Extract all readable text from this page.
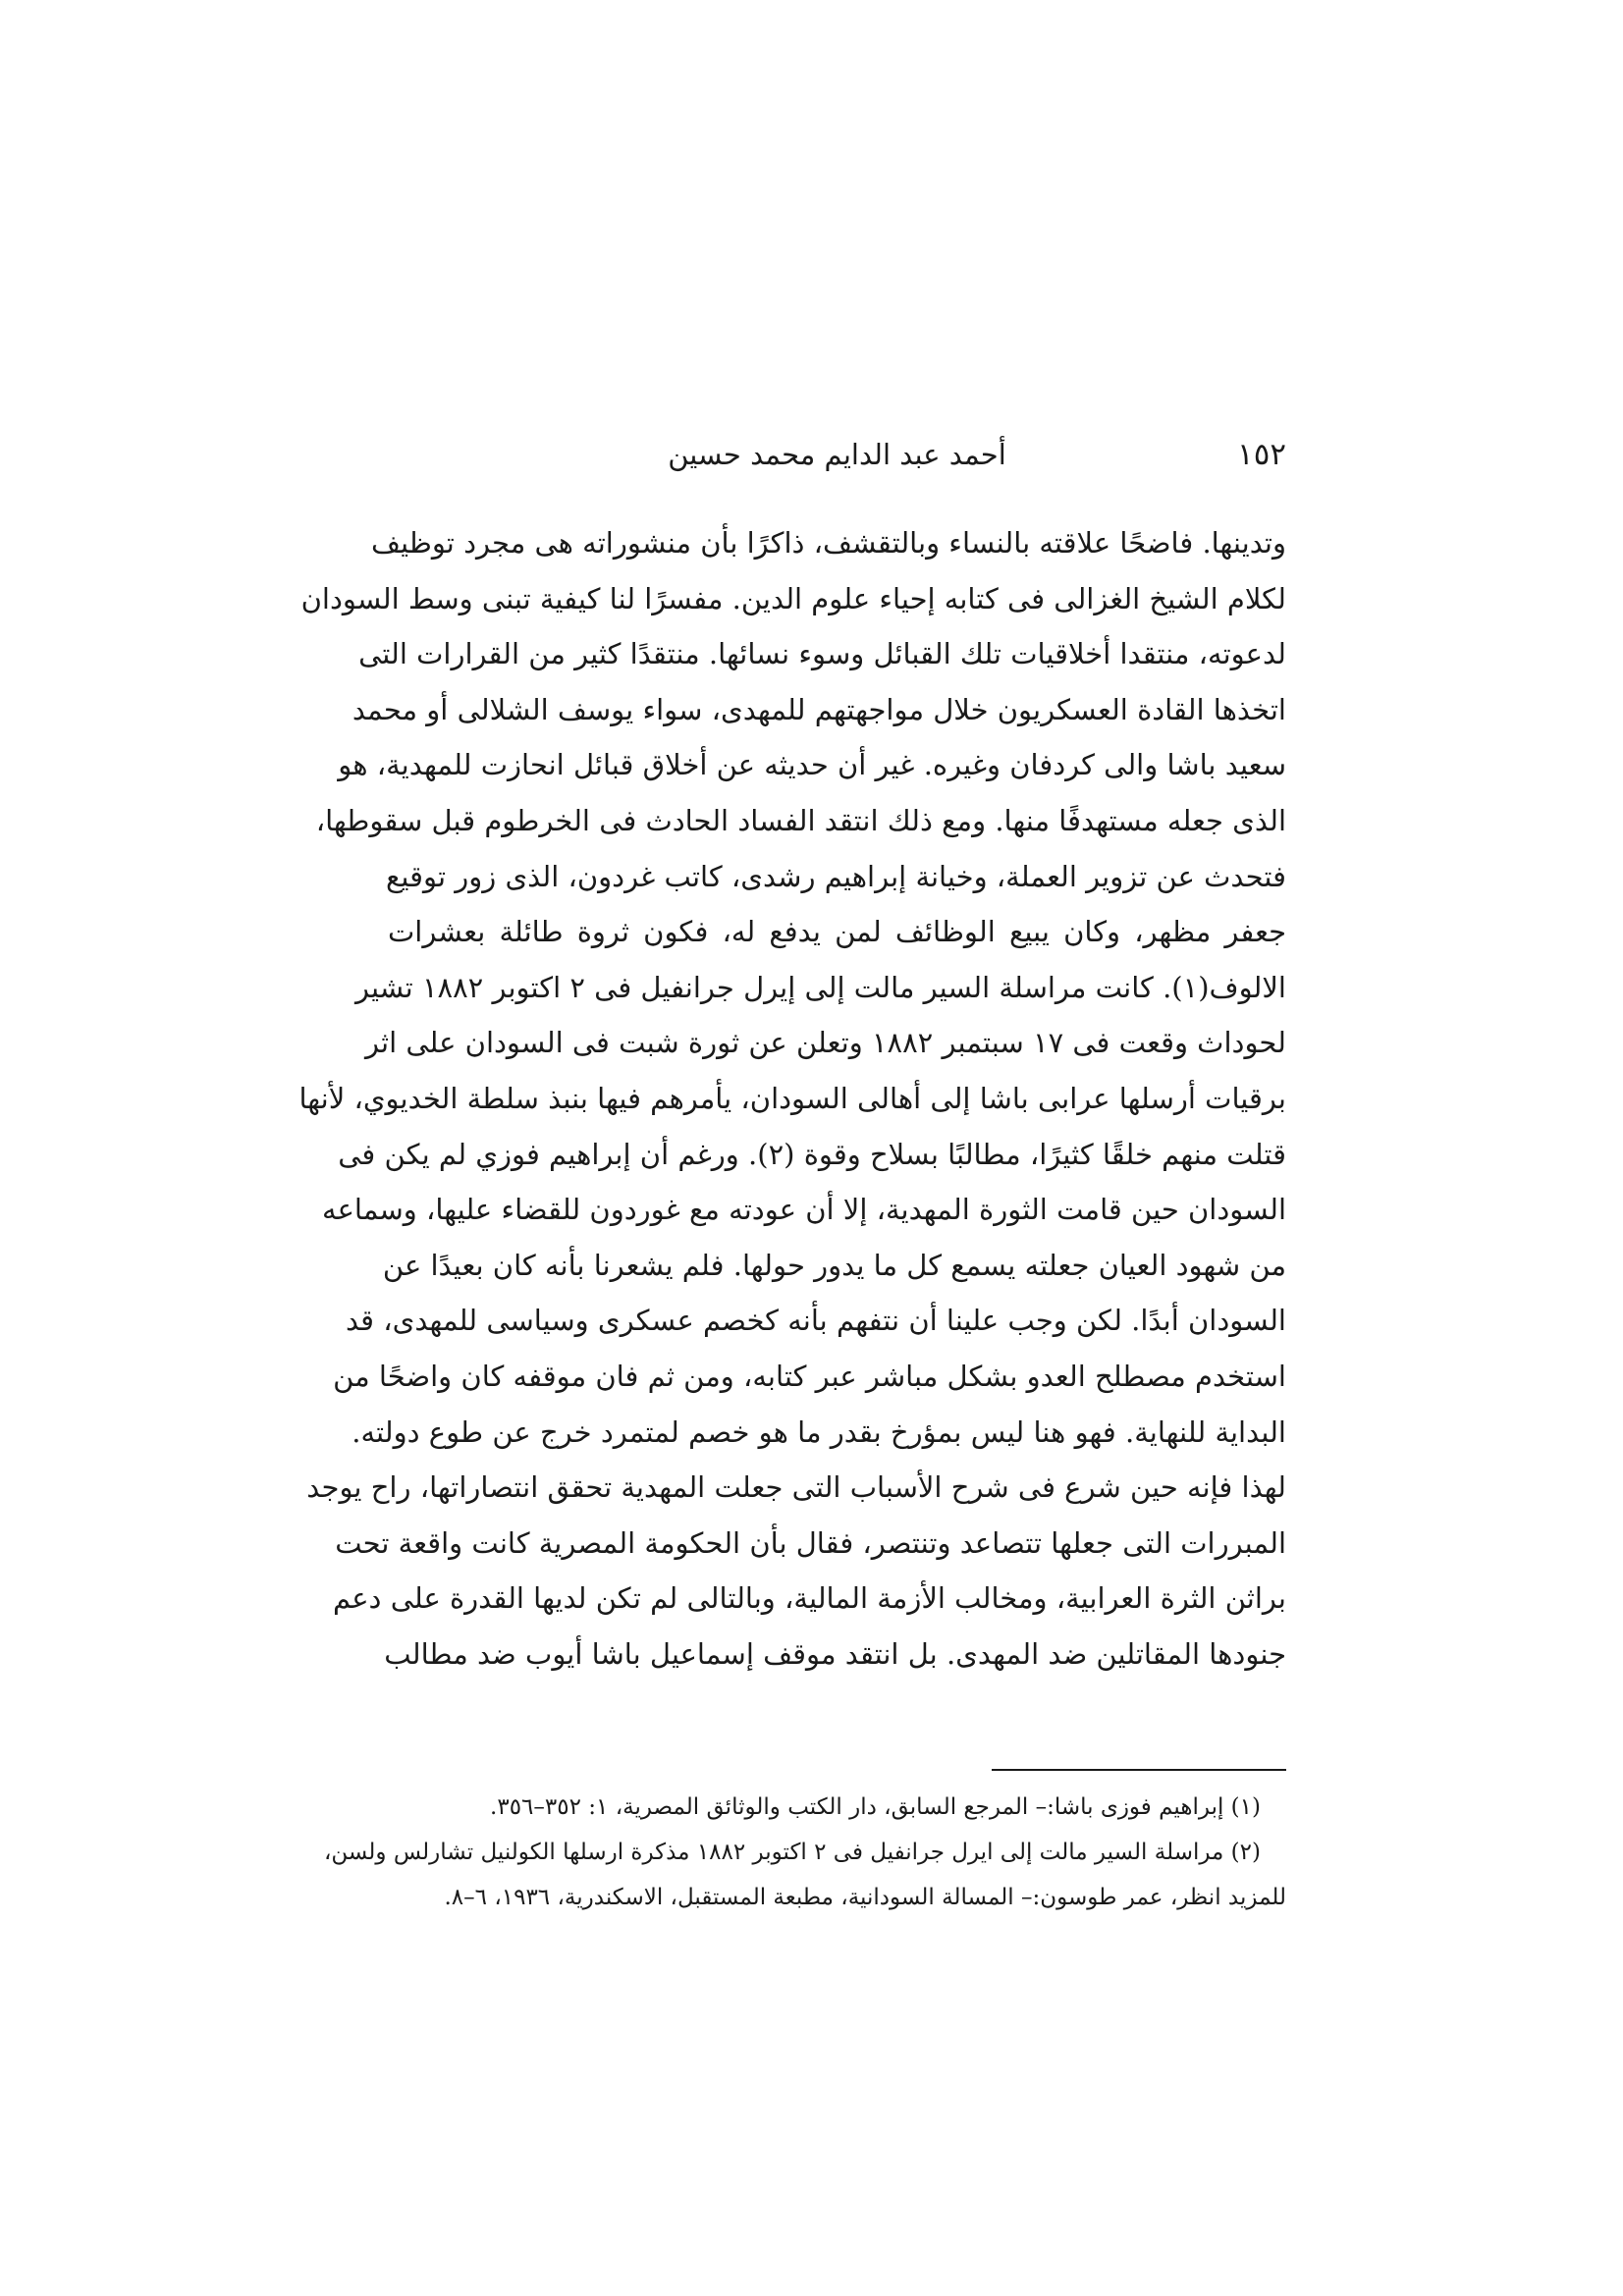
١٥٢
أحمد عبد الدايم محمد حسين
وتدينها. فاضحًا علاقته بالنساء وبالتقشف، ذاكرًا بأن منشوراته هى مجرد توظيف
لكلام الشيخ الغزالى فى كتابه إحياء علوم الدين. مفسرًا لنا كيفية تبنى وسط السودان
لدعوته، منتقدا أخلاقيات تلك القبائل وسوء نسائها. منتقدًا كثير من القرارات التى
اتخذها القادة العسكريون خلال مواجهتهم للمهدى، سواء يوسف الشلالى أو محمد
سعيد باشا والى كردفان وغيره. غير أن حديثه عن أخلاق قبائل انحازت للمهدية، هو
الذى جعله مستهدفًا منها. ومع ذلك انتقد الفساد الحادث فى الخرطوم قبل سقوطها،
فتحدث عن تزوير العملة، وخيانة إبراهيم رشدى، كاتب غردون، الذى زور توقيع
جعفر مظهر، وكان يبيع الوظائف لمن يدفع له، فكون ثروة طائلة بعشرات
الالوف(١). كانت مراسلة السير مالت إلى إيرل جرانفيل فى ٢ اكتوبر ١٨٨٢ تشير
لحوداث وقعت فى ١٧ سبتمبر ١٨٨٢ وتعلن عن ثورة شبت فى السودان على اثر
برقيات أرسلها عرابى باشا إلى أهالى السودان، يأمرهم فيها بنبذ سلطة الخديوي، لأنها
قتلت منهم خلقًا كثيرًا، مطالبًا بسلاح وقوة (٢). ورغم أن إبراهيم فوزي لم يكن فى
السودان حين قامت الثورة المهدية، إلا أن عودته مع غوردون للقضاء عليها، وسماعه
من شهود العيان جعلته يسمع كل ما يدور حولها. فلم يشعرنا بأنه كان بعيدًا عن
السودان أبدًا. لكن وجب علينا أن نتفهم بأنه كخصم عسكرى وسياسى للمهدى، قد
استخدم مصطلح العدو بشكل مباشر عبر كتابه، ومن ثم فان موقفه كان واضحًا من
البداية للنهاية. فهو هنا ليس بمؤرخ بقدر ما هو خصم لمتمرد خرج عن طوع دولته.
لهذا فإنه حين شرع فى شرح الأسباب التى جعلت المهدية تحقق انتصاراتها، راح يوجد
المبررات التى جعلها تتصاعد وتنتصر، فقال بأن الحكومة المصرية كانت واقعة تحت
براثن الثرة العرابية، ومخالب الأزمة المالية، وبالتالى لم تكن لديها القدرة على دعم
جنودها المقاتلين ضد المهدى. بل انتقد موقف إسماعيل باشا أيوب ضد مطالب
(١) إبراهيم فوزى باشا:– المرجع السابق، دار الكتب والوثائق المصرية، ١: ٣٥٢–٣٥٦.
(٢) مراسلة السير مالت إلى ايرل جرانفيل فى ٢ اكتوبر ١٨٨٢ مذكرة ارسلها الكولنيل تشارلس ولسن،
للمزيد انظر، عمر طوسون:– المسالة السودانية، مطبعة المستقبل، الاسكندرية، ١٩٣٦، ٦–٨.
